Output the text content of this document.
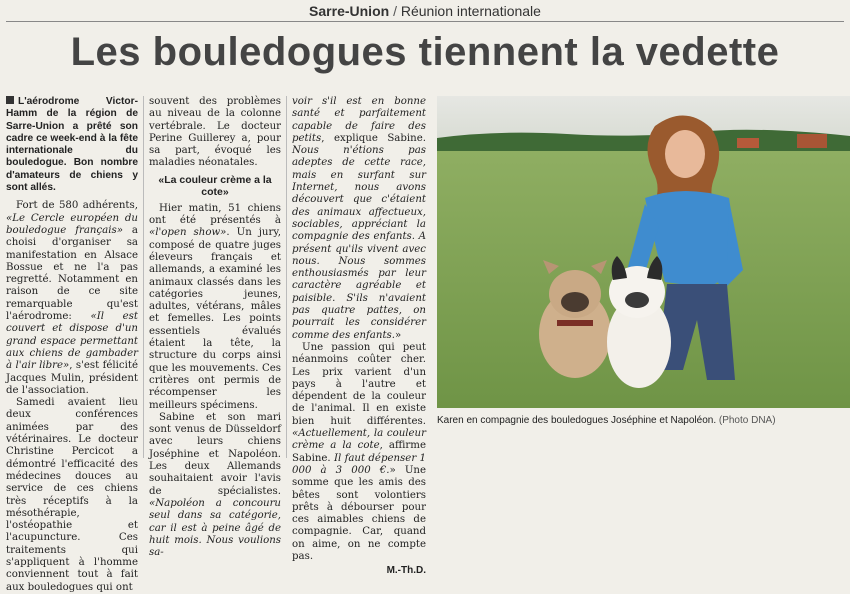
Sarre-Union / Réunion internationale
Les bouledogues tiennent la vedette

L'aérodrome Victor-Hamm de la région de Sarre-Union a prêté son cadre ce week-end à la fête internationale du bouledogue. Bon nombre d'amateurs de chiens y sont allés.

Fort de 580 adhérents, «Le Cercle européen du bouledogue français» a choisi d'organiser sa manifestation en Alsace Bossue et ne l'a pas regretté. Notamment en raison de ce site remarquable qu'est l'aérodrome: «Il est couvert et dispose d'un grand espace permettant aux chiens de gambader à l'air libre», s'est félicité Jacques Mulin, président de l'association.

Samedi avaient lieu deux conférences animées par des vétérinaires. Le docteur Christine Percicot a démontré l'efficacité des médecines douces au service de ces chiens très réceptifs à la mésothérapie, l'ostéopathie et l'acupuncture. Ces traitements qui s'appliquent à l'homme conviennent tout à fait aux bouledogues qui ont

souvent des problèmes au niveau de la colonne vertébrale. Le docteur Perine Guillerey a, pour sa part, évoqué les maladies néonatales.

«La couleur crème a la cote»

Hier matin, 51 chiens ont été présentés à «l'open show». Un jury, composé de quatre juges éleveurs français et allemands, a examiné les animaux classés dans les catégories jeunes, adultes, vétérans, mâles et femelles. Les points essentiels évalués étaient la tête, la structure du corps ainsi que les mouvements. Ces critères ont permis de récompenser les meilleurs spécimens.

Sabine et son mari sont venus de Düsseldorf avec leurs chiens Joséphine et Napoléon. Les deux Allemands souhaitaient avoir l'avis de spécialistes. «Napoléon a concouru seul dans sa catégorie, car il est à peine âgé de huit mois. Nous voulions sa-

voir s'il est en bonne santé et parfaitement capable de faire des petits, explique Sabine. Nous n'étions pas adeptes de cette race, mais en surfant sur Internet, nous avons découvert que c'étaient des animaux affectueux, sociables, appréciant la compagnie des enfants. A présent qu'ils vivent avec nous. Nous sommes enthousiasmés par leur caractère agréable et paisible. S'ils n'avaient pas quatre pattes, on pourrait les considérer comme des enfants.»

Une passion qui peut néanmoins coûter cher. Les prix varient d'un pays à l'autre et dépendent de la couleur de l'animal. Il en existe bien huit différentes. «Actuellement, la couleur crème a la cote, affirme Sabine. Il faut dépenser 1 000 à 3 000 €.» Une somme que les amis des bêtes sont volontiers prêts à débourser pour ces aimables chiens de compagnie. Car, quand on aime, on ne compte pas.

M.-Th.D.
Karen en compagnie des bouledogues Joséphine et Napoléon. (Photo DNA)
